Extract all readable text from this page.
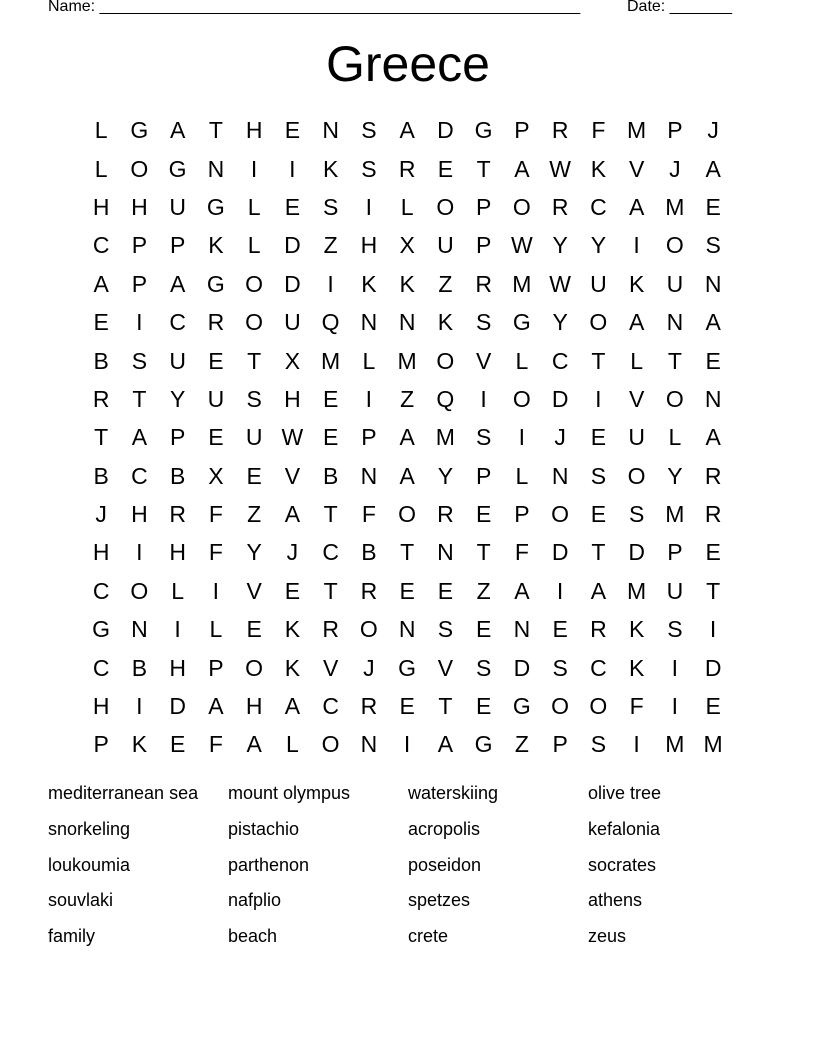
Name: ______________________________________________________	Date: _______
Greece
L G A	T H E N S A D G P R F M P	J
L O G N	I	I	K S R E	T	A W K V	J	A
H H U G L	E S	I	L O P O R C A M E
C P P K	L	D Z H X U P W Y Y	I	O S
A P A G O D	I	K K	Z R M W U K U N
E	I	C R O U Q N N K S G Y O A N A
B S U E	T	X M L M O V	L	C T	L	T	E
R T	Y U S H E	I	Z Q	I	O D	I	V O N
T	A P E U W E P A M S	I	J	E U	L	A
B C B X E V B N A Y P	L	N S O Y R
J	H R F	Z	A	T	F O R E P O E S M R
H	I	H F	Y	J	C B	T N T	F D T D P E
C O L	I	V E	T R E E	Z	A	I	A M U T
G N	I	L	E K R O N S E N E R K S	I
C B H P O K V	J	G V S D S C K	I	D
H	I	D A H A C R E	T	E G O O F	I	E
P K E	F	A	L O N	I	A G Z	P S	I	M M
mediterranean sea	mount olympus	waterskiing	olive tree
snorkeling	pistachio	acropolis	kefalonia
loukoumia	parthenon	poseidon	socrates
souvlaki	nafplio	spetzes	athens
family	beach	crete	zeus
